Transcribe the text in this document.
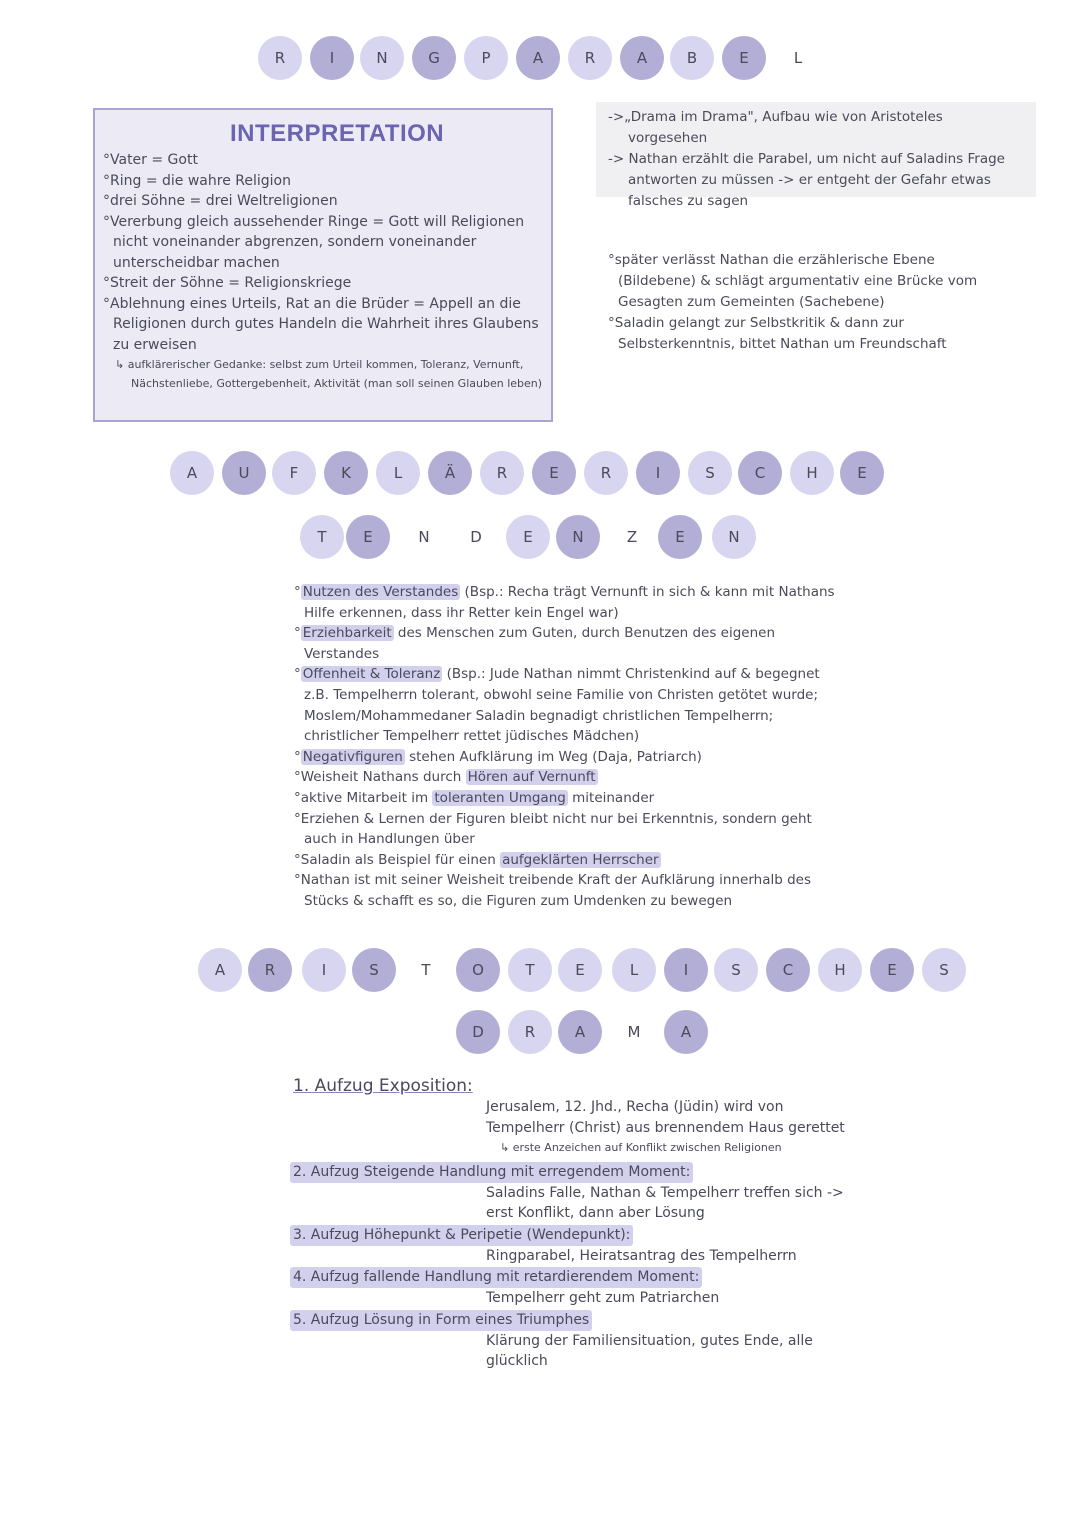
R	I	N	G	P	A	R	A	B	E	L
INTERPRETATION
°Vater = Gott
°Ring = die wahre Religion
°drei Söhne = drei Weltreligionen
°Vererbung gleich aussehender Ringe = Gott will Religionen nicht voneinander abgrenzen, sondern voneinander unterscheidbar machen
°Streit der Söhne = Religionskriege
°Ablehnung eines Urteils, Rat an die Brüder = Appell an die Religionen durch gutes Handeln die Wahrheit ihres Glaubens zu erweisen
↳ aufklärerischer Gedanke: selbst zum Urteil kommen, Toleranz, Vernunft, Nächstenliebe, Gottergebenheit, Aktivität (man soll seinen Glauben leben)

->„Drama im Drama", Aufbau wie von Aristoteles vorgesehen

-> Nathan erzählt die Parabel, um nicht auf Saladins Frage antworten zu müssen -> er entgeht der Gefahr etwas falsches zu sagen

°später verlässt Nathan die erzählerische Ebene (Bildebene) & schlägt argumentativ eine Brücke vom Gesagten zum Gemeinten (Sachebene)

°Saladin gelangt zur Selbstkritik & dann zur Selbsterkenntnis, bittet Nathan um Freundschaft

A	U	F	K	L	Ä	R	E	R	I	S	C	H	E
T	E	N	D	E	N	Z	E	N
° Nutzen des Verstandes (Bsp.: Recha trägt Vernunft in sich & kann mit Nathans Hilfe erkennen, dass ihr Retter kein Engel war)
° Erziehbarkeit des Menschen zum Guten, durch Benutzen des eigenen Verstandes
° Offenheit & Toleranz (Bsp.: Jude Nathan nimmt Christenkind auf & begegnet z.B. Tempelherrn tolerant, obwohl seine Familie von Christen getötet wurde; Moslem/Mohammedaner Saladin begnadigt christlichen Tempelherrn; christlicher Tempelherr rettet jüdisches Mädchen)
° Negativfiguren stehen Aufklärung im Weg (Daja, Patriarch)
°Weisheit Nathans durch Hören auf Vernunft
°aktive Mitarbeit im toleranten Umgang miteinander
°Erziehen & Lernen der Figuren bleibt nicht nur bei Erkenntnis, sondern geht auch in Handlungen über
°Saladin als Beispiel für einen aufgeklärten Herrscher
°Nathan ist mit seiner Weisheit treibende Kraft der Aufklärung innerhalb des Stücks & schafft es so, die Figuren zum Umdenken zu bewegen
A	R	I	S	T	O	T	E	L	I	S	C	H	E	S
D	R	A	M	A
1. Aufzug Exposition:
Jerusalem, 12. Jhd., Recha (Jüdin) wird von Tempelherr (Christ) aus brennendem Haus gerettet
↳ erste Anzeichen auf Konflikt zwischen Religionen
2. Aufzug Steigende Handlung mit erregendem Moment:
Saladins Falle, Nathan & Tempelherr treffen sich -> erst Konflikt, dann aber Lösung
3. Aufzug Höhepunkt & Peripetie (Wendepunkt):
Ringparabel, Heiratsantrag des Tempelherrn
4. Aufzug fallende Handlung mit retardierendem Moment:
Tempelherr geht zum Patriarchen
5. Aufzug Lösung in Form eines Triumphes
Klärung der Familiensituation, gutes Ende, alle glücklich
